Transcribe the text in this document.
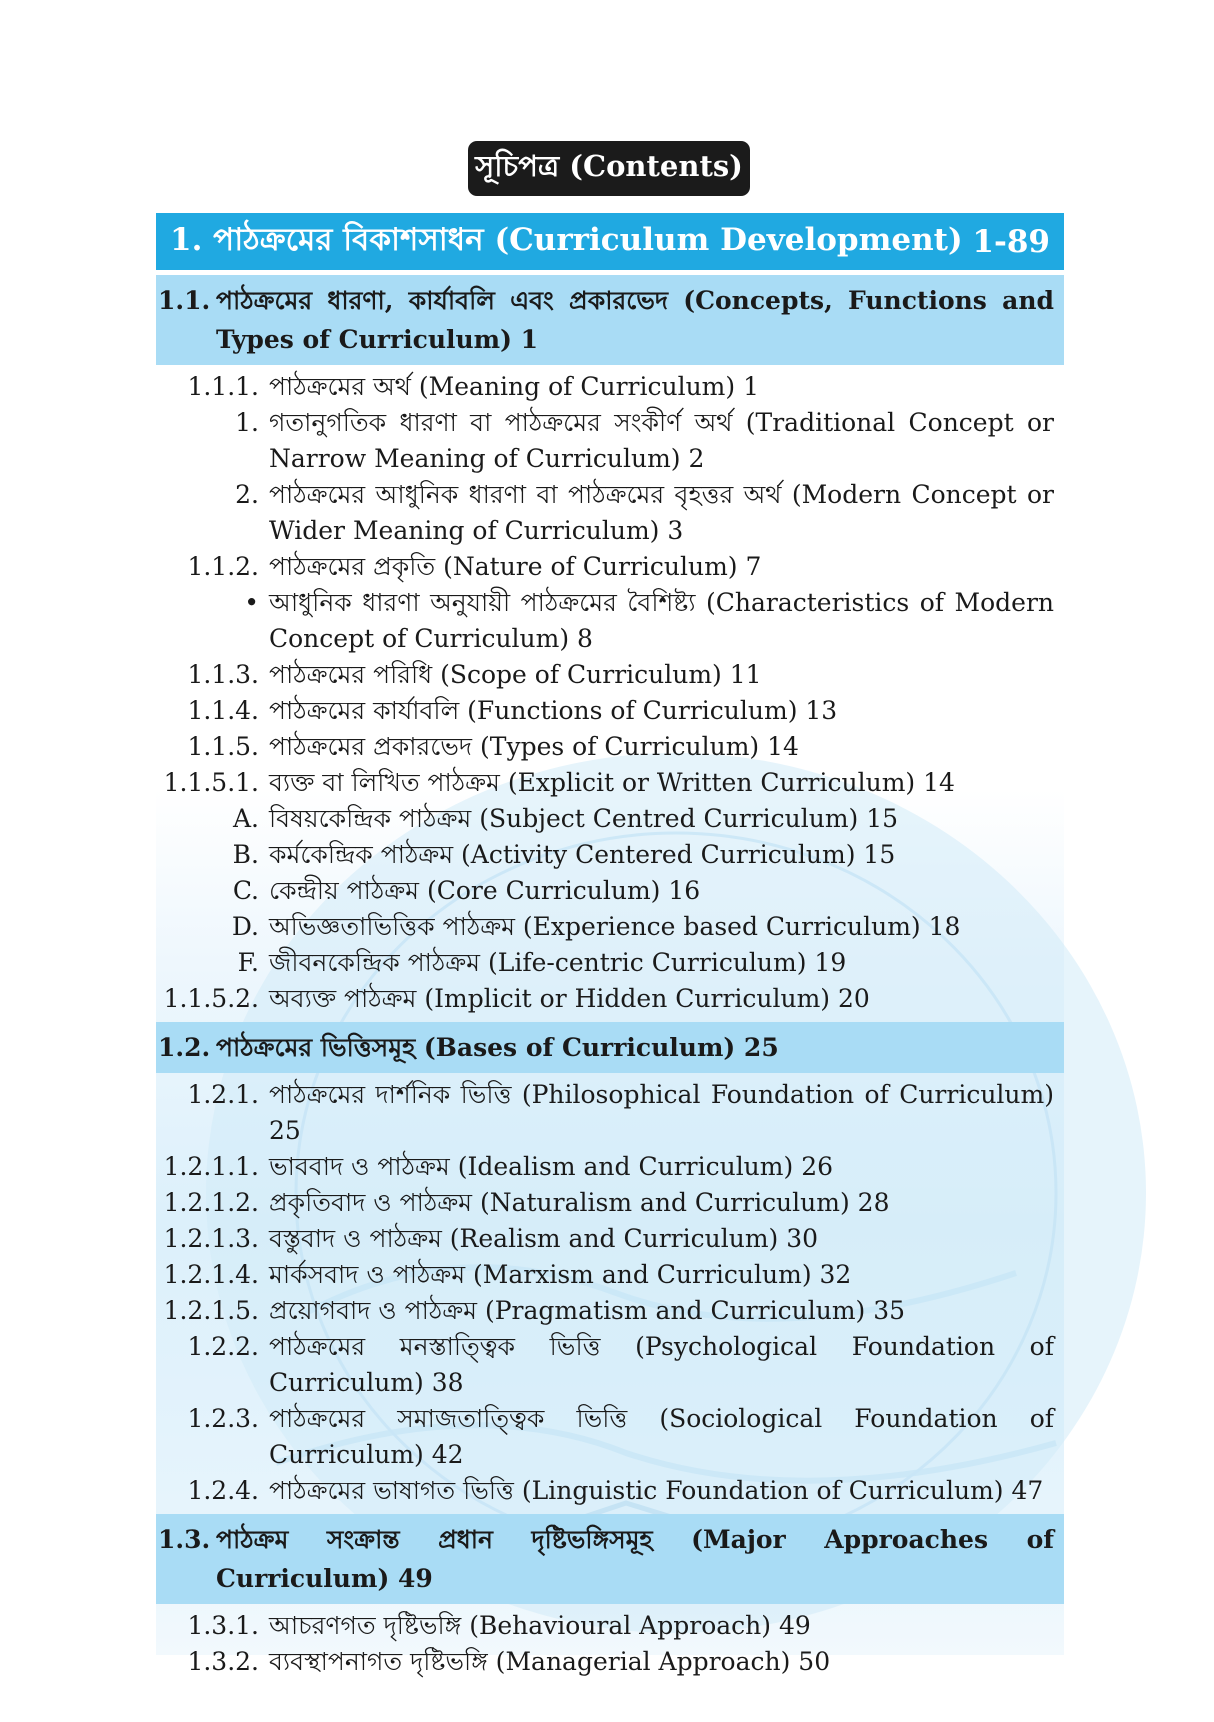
সূচিপত্র (Contents)
1. পাঠক্রমের বিকাশসাধন (Curriculum Development) 1-89
1.1. পাঠক্রমের ধারণা, কার্যাবলি এবং প্রকারভেদ (Concepts, Functions and Types of Curriculum) 1
1.1.1. পাঠক্রমের অর্থ (Meaning of Curriculum) 1
1. গতানুগতিক ধারণা বা পাঠক্রমের সংকীর্ণ অর্থ (Traditional Concept or Narrow Meaning of Curriculum) 2
2. পাঠক্রমের আধুনিক ধারণা বা পাঠক্রমের বৃহত্তর অর্থ (Modern Concept or Wider Meaning of Curriculum) 3
1.1.2. পাঠক্রমের প্রকৃতি (Nature of Curriculum) 7
• আধুনিক ধারণা অনুযায়ী পাঠক্রমের বৈশিষ্ট্য (Characteristics of Modern Concept of Curriculum) 8
1.1.3. পাঠক্রমের পরিধি (Scope of Curriculum) 11
1.1.4. পাঠক্রমের কার্যাবলি (Functions of Curriculum) 13
1.1.5. পাঠক্রমের প্রকারভেদ (Types of Curriculum) 14
1.1.5.1. ব্যক্ত বা লিখিত পাঠক্রম (Explicit or Written Curriculum) 14
A. বিষয়কেন্দ্রিক পাঠক্রম (Subject Centred Curriculum) 15
B. কর্মকেন্দ্রিক পাঠক্রম (Activity Centered Curriculum) 15
C. কেন্দ্রীয় পাঠক্রম (Core Curriculum) 16
D. অভিজ্ঞতাভিত্তিক পাঠক্রম (Experience based Curriculum) 18
F. জীবনকেন্দ্রিক পাঠক্রম (Life-centric Curriculum) 19
1.1.5.2. অব্যক্ত পাঠক্রম (Implicit or Hidden Curriculum) 20
1.2. পাঠক্রমের ভিত্তিসমূহ (Bases of Curriculum) 25
1.2.1. পাঠক্রমের দার্শনিক ভিত্তি (Philosophical Foundation of Curriculum) 25
1.2.1.1. ভাববাদ ও পাঠক্রম (Idealism and Curriculum) 26
1.2.1.2. প্রকৃতিবাদ ও পাঠক্রম (Naturalism and Curriculum) 28
1.2.1.3. বস্তুবাদ ও পাঠক্রম (Realism and Curriculum) 30
1.2.1.4. মার্কসবাদ ও পাঠক্রম (Marxism and Curriculum) 32
1.2.1.5. প্রয়োগবাদ ও পাঠক্রম (Pragmatism and Curriculum) 35
1.2.2. পাঠক্রমের মনস্তাত্ত্বিক ভিত্তি (Psychological Foundation of Curriculum) 38
1.2.3. পাঠক্রমের সমাজতাত্ত্বিক ভিত্তি (Sociological Foundation of Curriculum) 42
1.2.4. পাঠক্রমের ভাষাগত ভিত্তি (Linguistic Foundation of Curriculum) 47
1.3. পাঠক্রম সংক্রান্ত প্রধান দৃষ্টিভঙ্গিসমূহ (Major Approaches of Curriculum) 49
1.3.1. আচরণগত দৃষ্টিভঙ্গি (Behavioural Approach) 49
1.3.2. ব্যবস্থাপনাগত দৃষ্টিভঙ্গি (Managerial Approach) 50
